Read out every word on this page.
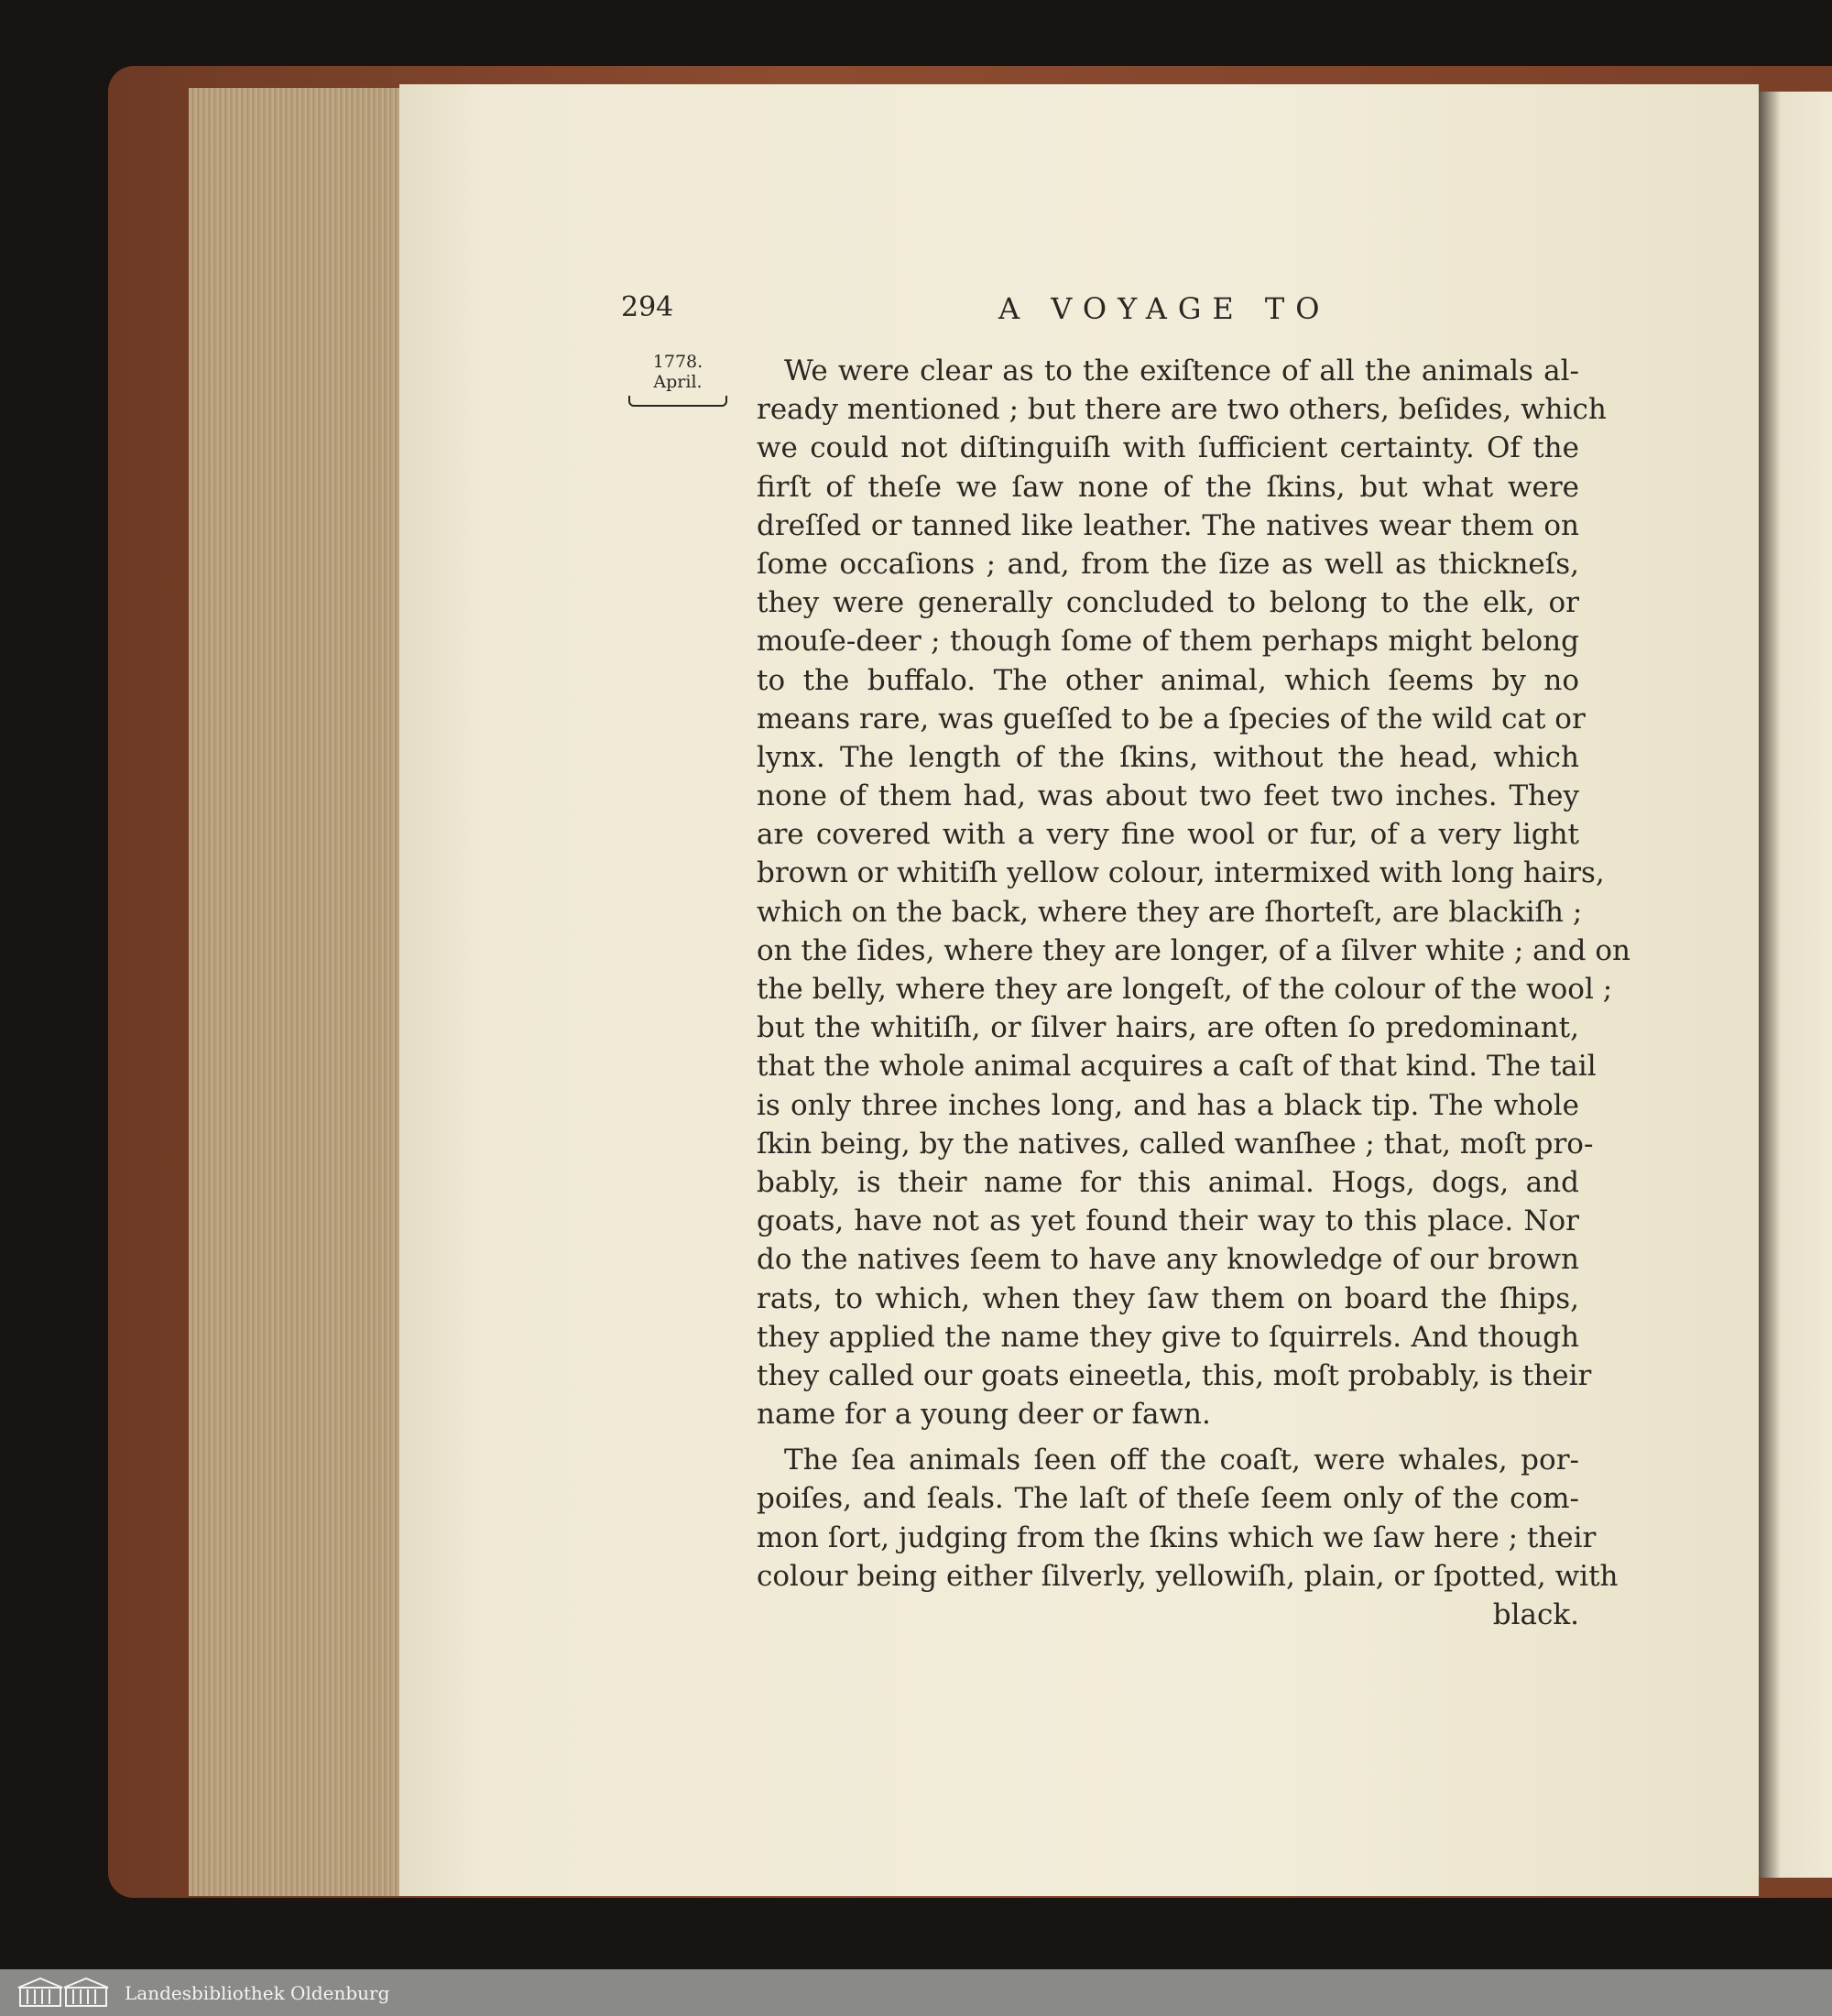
294	A VOYAGE TO
1778.
April.	We were clear as to the exiſtence of all the animals al-
ready mentioned ; but there are two others, beſides, which
we could not diſtinguiſh with ſufficient certainty. Of the
firſt of theſe we ſaw none of the ſkins, but what were
dreſſed or tanned like leather. The natives wear them on
ſome occaſions ; and, from the ſize as well as thickneſs,
they were generally concluded to belong to the elk, or
mouſe-deer ; though ſome of them perhaps might belong
to the buffalo. The other animal, which ſeems by no
means rare, was gueſſed to be a ſpecies of the wild cat or
lynx. The length of the ſkins, without the head, which
none of them had, was about two feet two inches. They
are covered with a very fine wool or fur, of a very light
brown or whitiſh yellow colour, intermixed with long hairs,
which on the back, where they are ſhorteſt, are blackiſh ;
on the ſides, where they are longer, of a ſilver white ; and on
the belly, where they are longeſt, of the colour of the wool ;
but the whitiſh, or ſilver hairs, are often ſo predominant,
that the whole animal acquires a caſt of that kind. The tail
is only three inches long, and has a black tip. The whole
ſkin being, by the natives, called wanſhee ; that, moſt pro-
bably, is their name for this animal. Hogs, dogs, and
goats, have not as yet found their way to this place. Nor
do the natives ſeem to have any knowledge of our brown
rats, to which, when they ſaw them on board the ſhips,
they applied the name they give to ſquirrels. And though
they called our goats eineetla, this, moſt probably, is their
name for a young deer or fawn.
The ſea animals ſeen off the coaſt, were whales, por-
poiſes, and ſeals. The laſt of theſe ſeem only of the com-
mon ſort, judging from the ſkins which we ſaw here ; their
colour being either ſilverly, yellowiſh, plain, or ſpotted, with
black.
Landesbibliothek Oldenburg
